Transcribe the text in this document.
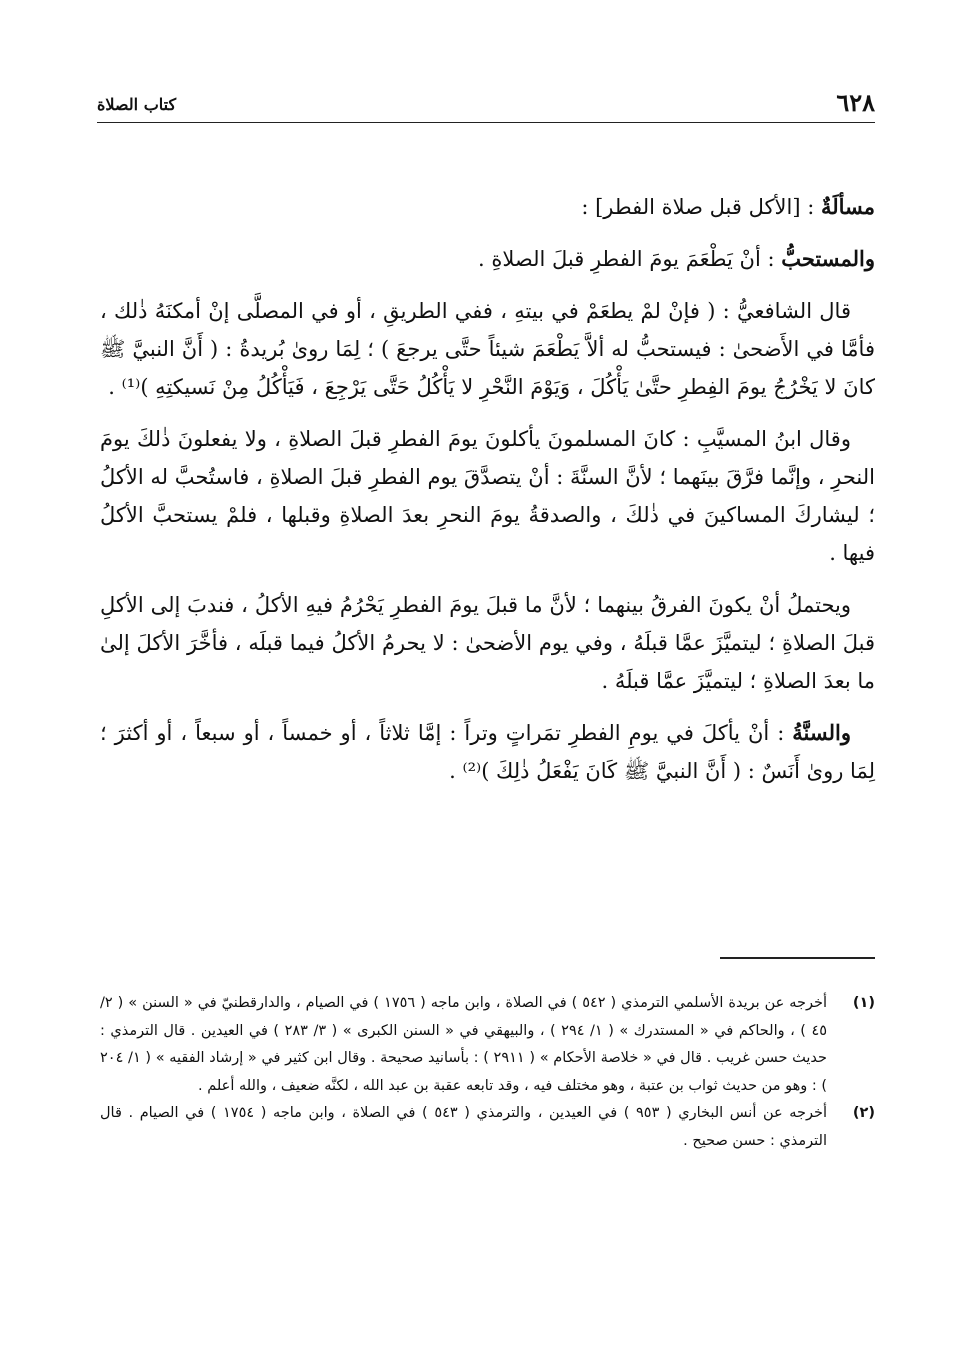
٦٢٨
كتاب الصلاة

مسألَةٌ : [الأكل قبل صلاة الفطر] :

والمستحبُّ : أنْ يَطْعَمَ يومَ الفطرِ قبلَ الصلاةِ .

قال الشافعيُّ : ( فإنْ لمْ يطعَمْ في بيتهِ ، ففي الطريقِ ، أو في المصلَّى إنْ أمكنَهُ ذٰلك ، فأمَّا في الأَضحىٰ : فيستحبُّ له ألاَّ يَطْعَمَ شيئاً حتَّى يرجعَ ) ؛ لِمَا روىٰ بُريدةُ : ( أَنَّ النبيَّ ﷺ كانَ لا يَخْرُجُ يومَ الفِطرِ حتَّىٰ يَأْكُلَ ، وَيَوْمَ النَّحْرِ لا يَأْكُلُ حَتَّى يَرْجِعَ ، فَيَأْكُلُ مِنْ نَسيكتِهِ )⁽¹⁾ .

وقال ابنُ المسيَّبِ : كانَ المسلمونَ يأكلونَ يومَ الفطرِ قبلَ الصلاةِ ، ولا يفعلونَ ذٰلكَ يومَ النحرِ ، وإنَّما فرَّقَ بينَهما ؛ لأنَّ السنَّةَ : أنْ يتصدَّقَ يوم الفطرِ قبلَ الصلاةِ ، فاستُحبَّ له الأكلُ ؛ ليشاركَ المساكينَ في ذٰلكَ ، والصدقةُ يومَ النحرِ بعدَ الصلاةِ وقبلها ، فلمْ يستحبَّ الأكلُ فيها .

ويحتملُ أنْ يكونَ الفرقُ بينهما ؛ لأنَّ ما قبلَ يومَ الفطرِ يَحْرُمُ فيهِ الأكلُ ، فندبَ إلى الأكلِ قبلَ الصلاةِ ؛ ليتميَّزَ عمَّا قبلَهُ ، وفي يوم الأضحىٰ : لا يحرمُ الأكلُ فيما قبلَه ، فأخَّرَ الأكلَ إلىٰ ما بعدَ الصلاةِ ؛ ليتميَّزَ عمَّا قبلَهُ .

والسنَّةُ : أنْ يأكلَ في يومِ الفطرِ تمَراتٍ وتراً : إمَّا ثلاثاً ، أو خمساً ، أو سبعاً ، أو أكثرَ ؛ لِمَا روىٰ أَنَسٌ : ( أَنَّ النبيَّ ﷺ كَانَ يَفْعَلُ ذٰلِكَ )⁽²⁾ .

(١)
أخرجه عن بريدة الأسلمي الترمذي ( ٥٤٢ ) في الصلاة ، وابن ماجه ( ١٧٥٦ ) في الصيام ، والدارقطنيّ في « السنن » ( ٢/ ٤٥ ) ، والحاكم في « المستدرك » ( ١/ ٢٩٤ ) ، والبيهقي في « السنن الكبرى » ( ٣/ ٢٨٣ ) في العيدين . قال الترمذي : حديث حسن غريب . قال في « خلاصة الأحكام » ( ٢٩١١ ) : بأسانيد صحيحة . وقال ابن كثير في « إرشاد الفقيه » ( ١/ ٢٠٤ ) : وهو من حديث ثواب بن عتبة ، وهو مختلف فيه ، وقد تابعه عقبة بن عبد الله ، لكنَّه ضعيف ، والله أعلم .

(٢)
أخرجه عن أنس البخاري ( ٩٥٣ ) في العيدين ، والترمذي ( ٥٤٣ ) في الصلاة ، وابن ماجه ( ١٧٥٤ ) في الصيام . قال الترمذي : حسن صحيح .
